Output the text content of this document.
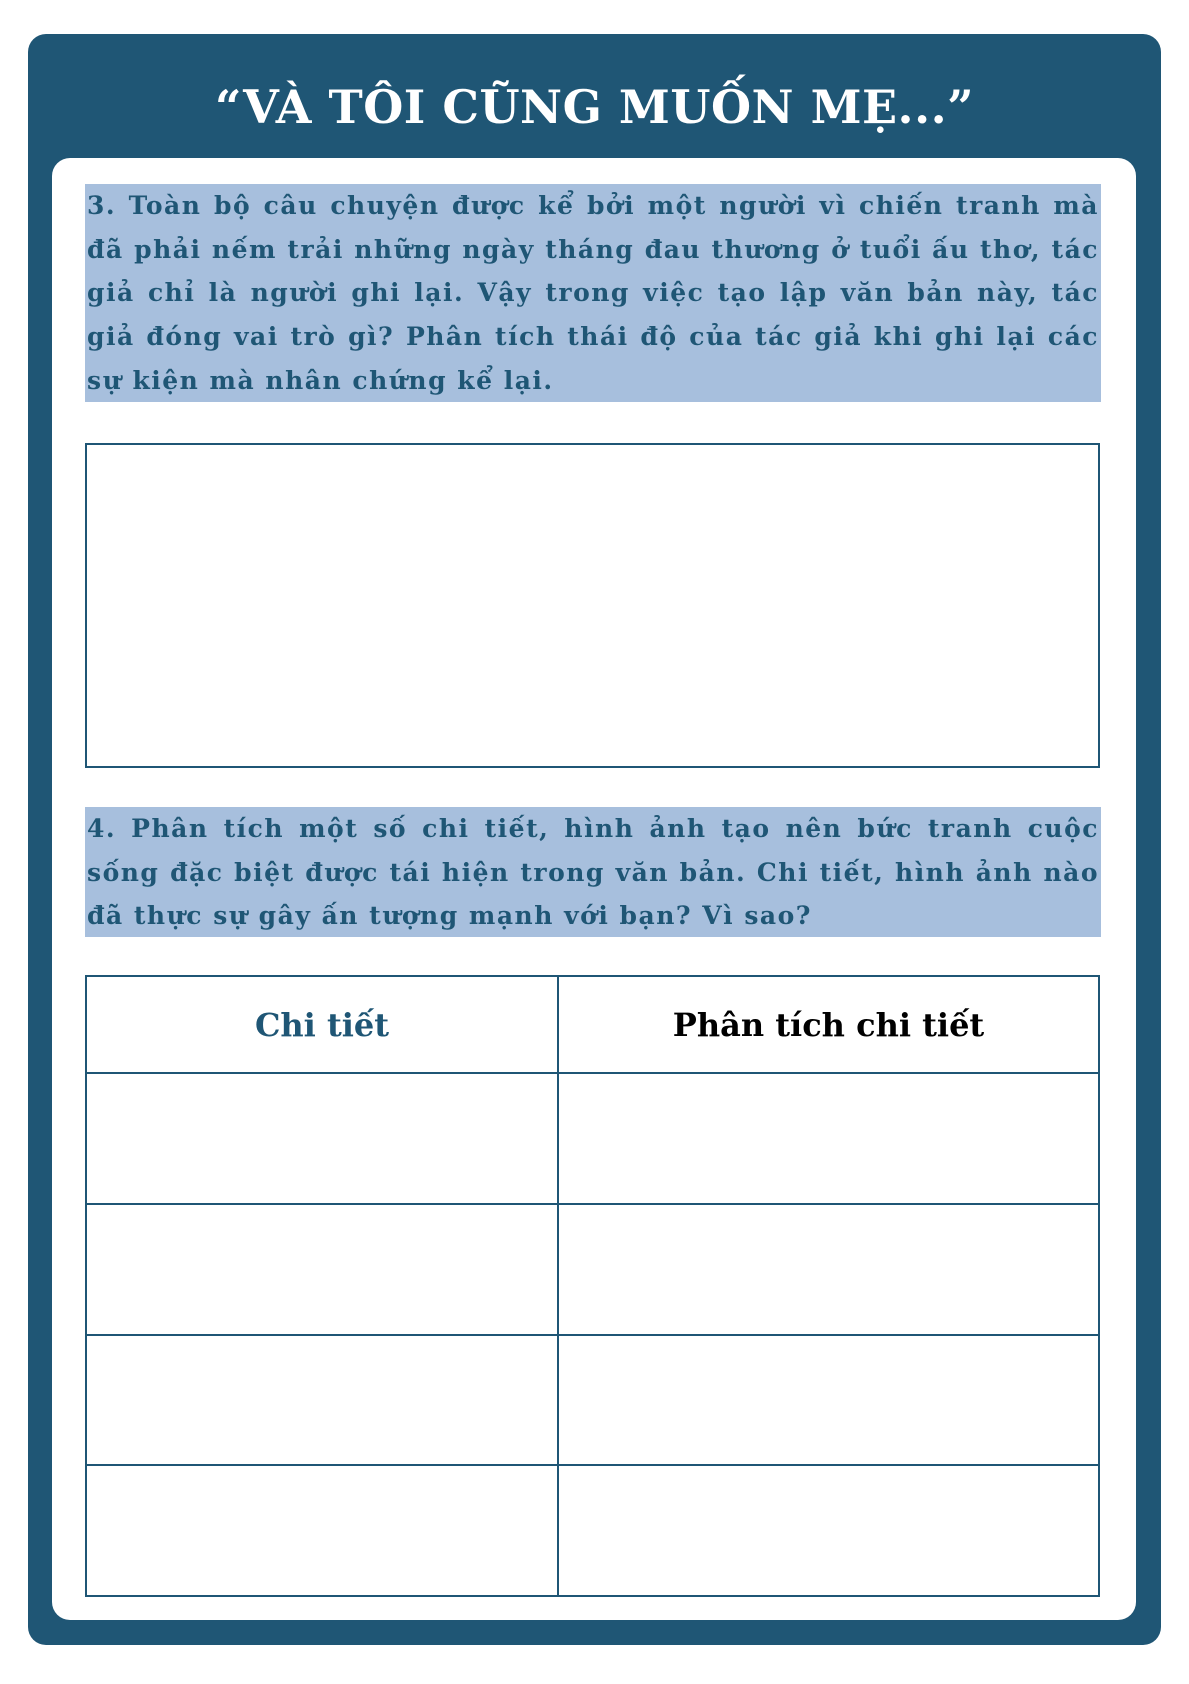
“VÀ TÔI CŨNG MUỐN MẸ...”

3. Toàn bộ câu chuyện được kể bởi một người vì chiến tranh mà đã phải nếm trải những ngày tháng đau thương ở tuổi ấu thơ, tác giả chỉ là người ghi lại. Vậy trong việc tạo lập văn bản này, tác giả đóng vai trò gì? Phân tích thái độ của tác giả khi ghi lại các sự kiện mà nhân chứng kể lại.

4. Phân tích một số chi tiết, hình ảnh tạo nên bức tranh cuộc sống đặc biệt được tái hiện trong văn bản. Chi tiết, hình ảnh nào đã thực sự gây ấn tượng mạnh với bạn? Vì sao?

Chi tiết	Phân tích chi tiết
